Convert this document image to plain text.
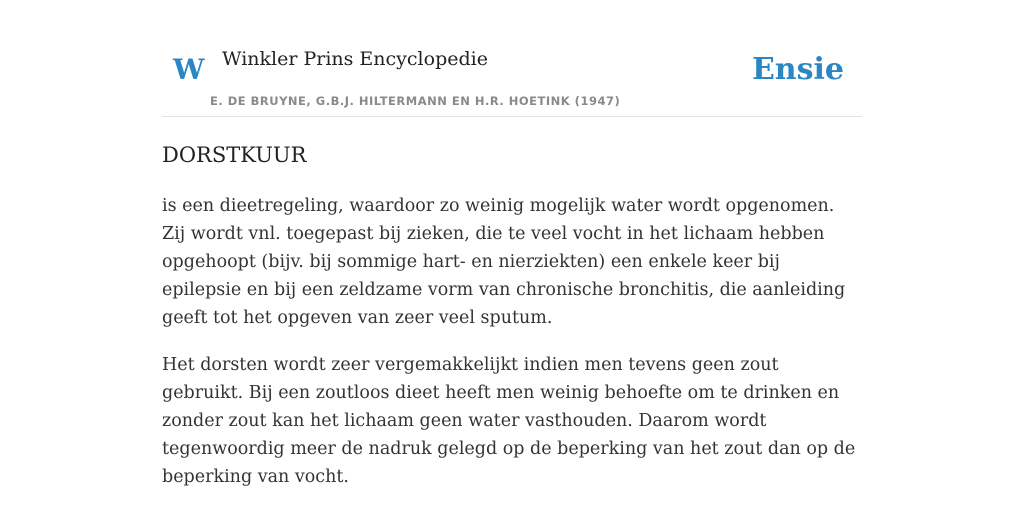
W Winkler Prins Encyclopedie
E. DE BRUYNE, G.B.J. HILTERMANN EN H.R. HOETINK (1947)
Ensie
DORSTKUUR

is een dieetregeling, waardoor zo weinig mogelijk water wordt opgenomen. Zij wordt vnl. toegepast bij zieken, die te veel vocht in het lichaam hebben opgehoopt (bijv. bij sommige hart- en nierziekten) een enkele keer bij epilepsie en bij een zeldzame vorm van chronische bronchitis, die aanleiding geeft tot het opgeven van zeer veel sputum.

Het dorsten wordt zeer vergemakkelijkt indien men tevens geen zout gebruikt. Bij een zoutloos dieet heeft men weinig behoefte om te drinken en zonder zout kan het lichaam geen water vasthouden. Daarom wordt tegenwoordig meer de nadruk gelegd op de beperking van het zout dan op de beperking van vocht.
